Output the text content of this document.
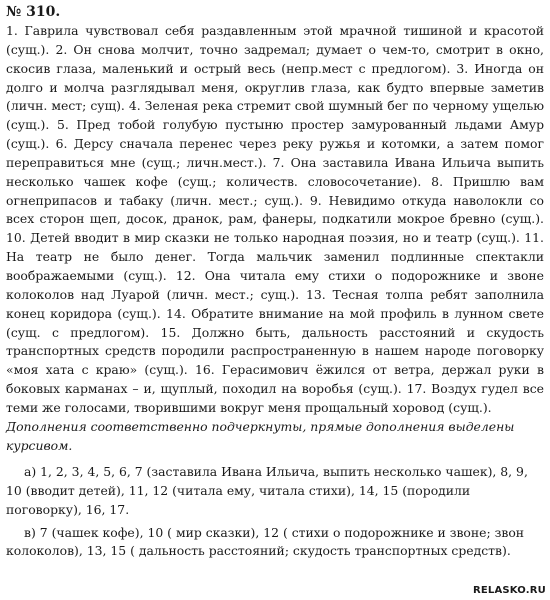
№ 310.

1. Гаврила чувствовал себя раздавленным этой мрачной тишиной и красотой (сущ.). 2. Он снова молчит, точно задремал; думает о чем-то, смотрит в окно, скосив глаза, маленький и острый весь (непр.мест с предлогом). 3. Иногда он долго и молча разглядывал меня, округлив глаза, как будто впервые заметив (личн. мест; сущ). 4. Зеленая река стремит свой шумный бег по черному ущелью (сущ.). 5. Пред тобой голубую пустыню простер замурованный льдами Амур (сущ.). 6. Дерсу сначала перенес через реку ружья и котомки, а затем помог переправиться мне (сущ.; личн.мест.). 7. Она заставила Ивана Ильича выпить несколько чашек кофе (сущ.; количеств. словосочетание). 8. Пришлю вам огнеприпасов и табаку (личн. мест.; сущ.). 9. Невидимо откуда наволокли со всех сторон щеп, досок, дранок, рам, фанеры, подкатили мокрое бревно (сущ.). 10. Детей вводит в мир сказки не только народная поэзия, но и театр (сущ.). 11. На театр не было денег. Тогда мальчик заменил подлинные спектакли воображаемыми (сущ.). 12. Она читала ему стихи о подорожнике и звоне колоколов над Луарой (личн. мест.; сущ.). 13. Тесная толпа ребят заполнила конец коридора (сущ.). 14. Обратите внимание на мой профиль в лунном свете (сущ. с предлогом). 15. Должно быть, дальность расстояний и скудость транспортных средств породили распространенную в нашем народе поговорку «моя хата с краю» (сущ.). 16. Герасимович ёжился от ветра, держал руки в боковых карманах – и, щуплый, походил на воробья (сущ.). 17. Воздух гудел все теми же голосами, творившими вокруг меня прощальный хоровод (сущ.).

Дополнения соответственно подчеркнуты, прямые дополнения выделены курсивом.

а) 1, 2, 3, 4, 5, 6, 7 (заставила Ивана Ильича, выпить несколько чашек), 8, 9, 10 (вводит детей), 11, 12 (читала ему, читала стихи), 14, 15 (породили поговорку), 16, 17.

в) 7 (чашек кофе), 10 ( мир сказки), 12 ( стихи о подорожнике и звоне; звон колоколов), 13, 15 ( дальность расстояний; скудость транспортных средств).

RELASKO.RU
